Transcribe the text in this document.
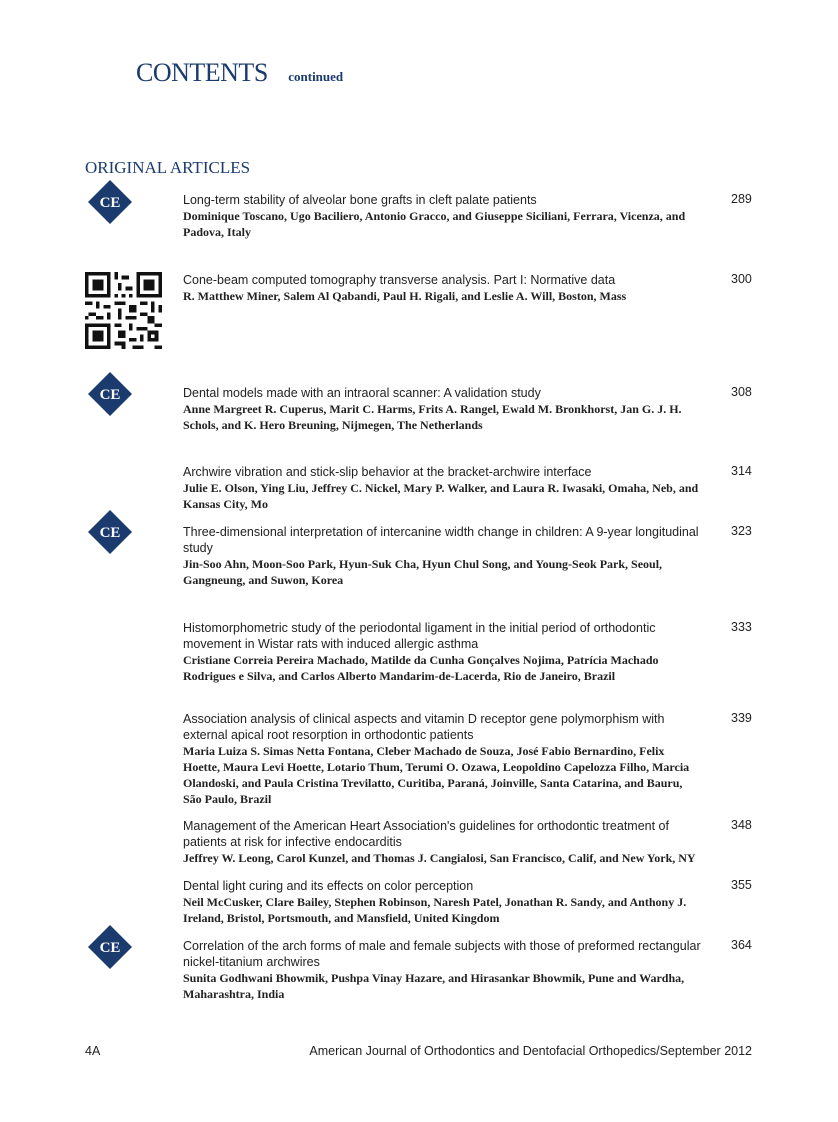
CONTENTS continued
ORIGINAL ARTICLES
CE
CE
CE
CE
Long-term stability of alveolar bone grafts in cleft palate patients
Dominique Toscano, Ugo Baciliero, Antonio Gracco, and Giuseppe Siciliani, Ferrara, Vicenza, and Padova, Italy
289
Cone-beam computed tomography transverse analysis. Part I: Normative data
R. Matthew Miner, Salem Al Qabandi, Paul H. Rigali, and Leslie A. Will, Boston, Mass
300
Dental models made with an intraoral scanner: A validation study
Anne Margreet R. Cuperus, Marit C. Harms, Frits A. Rangel, Ewald M. Bronkhorst, Jan G. J. H. Schols, and K. Hero Breuning, Nijmegen, The Netherlands
308
Archwire vibration and stick-slip behavior at the bracket-archwire interface
Julie E. Olson, Ying Liu, Jeffrey C. Nickel, Mary P. Walker, and Laura R. Iwasaki, Omaha, Neb, and Kansas City, Mo
314
Three-dimensional interpretation of intercanine width change in children: A 9-year longitudinal study
Jin-Soo Ahn, Moon-Soo Park, Hyun-Suk Cha, Hyun Chul Song, and Young-Seok Park, Seoul, Gangneung, and Suwon, Korea
323
Histomorphometric study of the periodontal ligament in the initial period of orthodontic movement in Wistar rats with induced allergic asthma
Cristiane Correia Pereira Machado, Matilde da Cunha Gonçalves Nojima, Patrícia Machado Rodrigues e Silva, and Carlos Alberto Mandarim-de-Lacerda, Rio de Janeiro, Brazil
333
Association analysis of clinical aspects and vitamin D receptor gene polymorphism with external apical root resorption in orthodontic patients
Maria Luiza S. Simas Netta Fontana, Cleber Machado de Souza, José Fabio Bernardino, Felix Hoette, Maura Levi Hoette, Lotario Thum, Terumi O. Ozawa, Leopoldino Capelozza Filho, Marcia Olandoski, and Paula Cristina Trevilatto, Curitiba, Paraná, Joinville, Santa Catarina, and Bauru, São Paulo, Brazil
339
Management of the American Heart Association's guidelines for orthodontic treatment of patients at risk for infective endocarditis
Jeffrey W. Leong, Carol Kunzel, and Thomas J. Cangialosi, San Francisco, Calif, and New York, NY
348
Dental light curing and its effects on color perception
Neil McCusker, Clare Bailey, Stephen Robinson, Naresh Patel, Jonathan R. Sandy, and Anthony J. Ireland, Bristol, Portsmouth, and Mansfield, United Kingdom
355
Correlation of the arch forms of male and female subjects with those of preformed rectangular nickel-titanium archwires
Sunita Godhwani Bhowmik, Pushpa Vinay Hazare, and Hirasankar Bhowmik, Pune and Wardha, Maharashtra, India
364
4A	American Journal of Orthodontics and Dentofacial Orthopedics/September 2012
